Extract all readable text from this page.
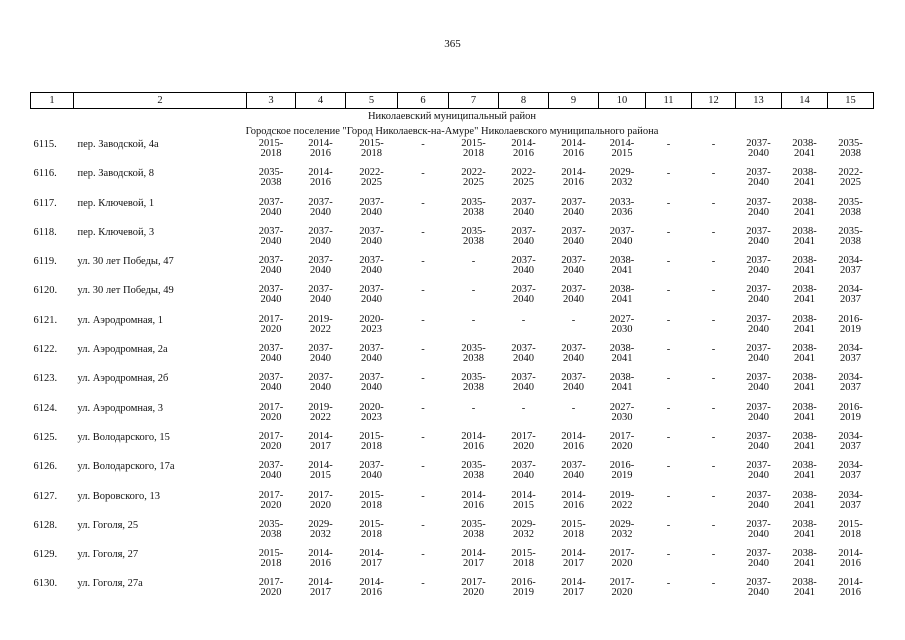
365
1	2	3	4	5	6	7	8	9	10	11	12	13	14	15
Николаевский муниципальный район														
Городское поселение "Город Николаевск-на-Амуре" Николаевского муниципального района														
6115.	пер. Заводской, 4а	2015-2018	2014-2016	2015-2018	-	2015-2018	2014-2016	2014-2016	2014-2015	-	-	2037-2040	2038-2041	2035-2038

6116.	пер. Заводской, 8	2035-2038	2014-2016	2022-2025	-	2022-2025	2022-2025	2014-2016	2029-2032	-	-	2037-2040	2038-2041	2022-2025

6117.	пер. Ключевой, 1	2037-2040	2037-2040	2037-2040	-	2035-2038	2037-2040	2037-2040	2033-2036	-	-	2037-2040	2038-2041	2035-2038

6118.	пер. Ключевой, 3	2037-2040	2037-2040	2037-2040	-	2035-2038	2037-2040	2037-2040	2037-2040	-	-	2037-2040	2038-2041	2035-2038

6119.	ул. 30 лет Победы, 47	2037-2040	2037-2040	2037-2040	-	-	2037-2040	2037-2040	2038-2041	-	-	2037-2040	2038-2041	2034-2037

6120.	ул. 30 лет Победы, 49	2037-2040	2037-2040	2037-2040	-	-	2037-2040	2037-2040	2038-2041	-	-	2037-2040	2038-2041	2034-2037

6121.	ул. Аэродромная, 1	2017-2020	2019-2022	2020-2023	-	-	-	-	2027-2030	-	-	2037-2040	2038-2041	2016-2019

6122.	ул. Аэродромная, 2а	2037-2040	2037-2040	2037-2040	-	2035-2038	2037-2040	2037-2040	2038-2041	-	-	2037-2040	2038-2041	2034-2037

6123.	ул. Аэродромная, 2б	2037-2040	2037-2040	2037-2040	-	2035-2038	2037-2040	2037-2040	2038-2041	-	-	2037-2040	2038-2041	2034-2037

6124.	ул. Аэродромная, 3	2017-2020	2019-2022	2020-2023	-	-	-	-	2027-2030	-	-	2037-2040	2038-2041	2016-2019

6125.	ул. Володарского, 15	2017-2020	2014-2017	2015-2018	-	2014-2016	2017-2020	2014-2016	2017-2020	-	-	2037-2040	2038-2041	2034-2037

6126.	ул. Володарского, 17а	2037-2040	2014-2015	2037-2040	-	2035-2038	2037-2040	2037-2040	2016-2019	-	-	2037-2040	2038-2041	2034-2037

6127.	ул. Воровского, 13	2017-2020	2017-2020	2015-2018	-	2014-2016	2014-2015	2014-2016	2019-2022	-	-	2037-2040	2038-2041	2034-2037

6128.	ул. Гоголя, 25	2035-2038	2029-2032	2015-2018	-	2035-2038	2029-2032	2015-2018	2029-2032	-	-	2037-2040	2038-2041	2015-2018

6129.	ул. Гоголя, 27	2015-2018	2014-2016	2014-2017	-	2014-2017	2015-2018	2014-2017	2017-2020	-	-	2037-2040	2038-2041	2014-2016

6130.	ул. Гоголя, 27а	2017-2020	2014-2017	2014-2016	-	2017-2020	2016-2019	2014-2017	2017-2020	-	-	2037-2040	2038-2041	2014-2016
